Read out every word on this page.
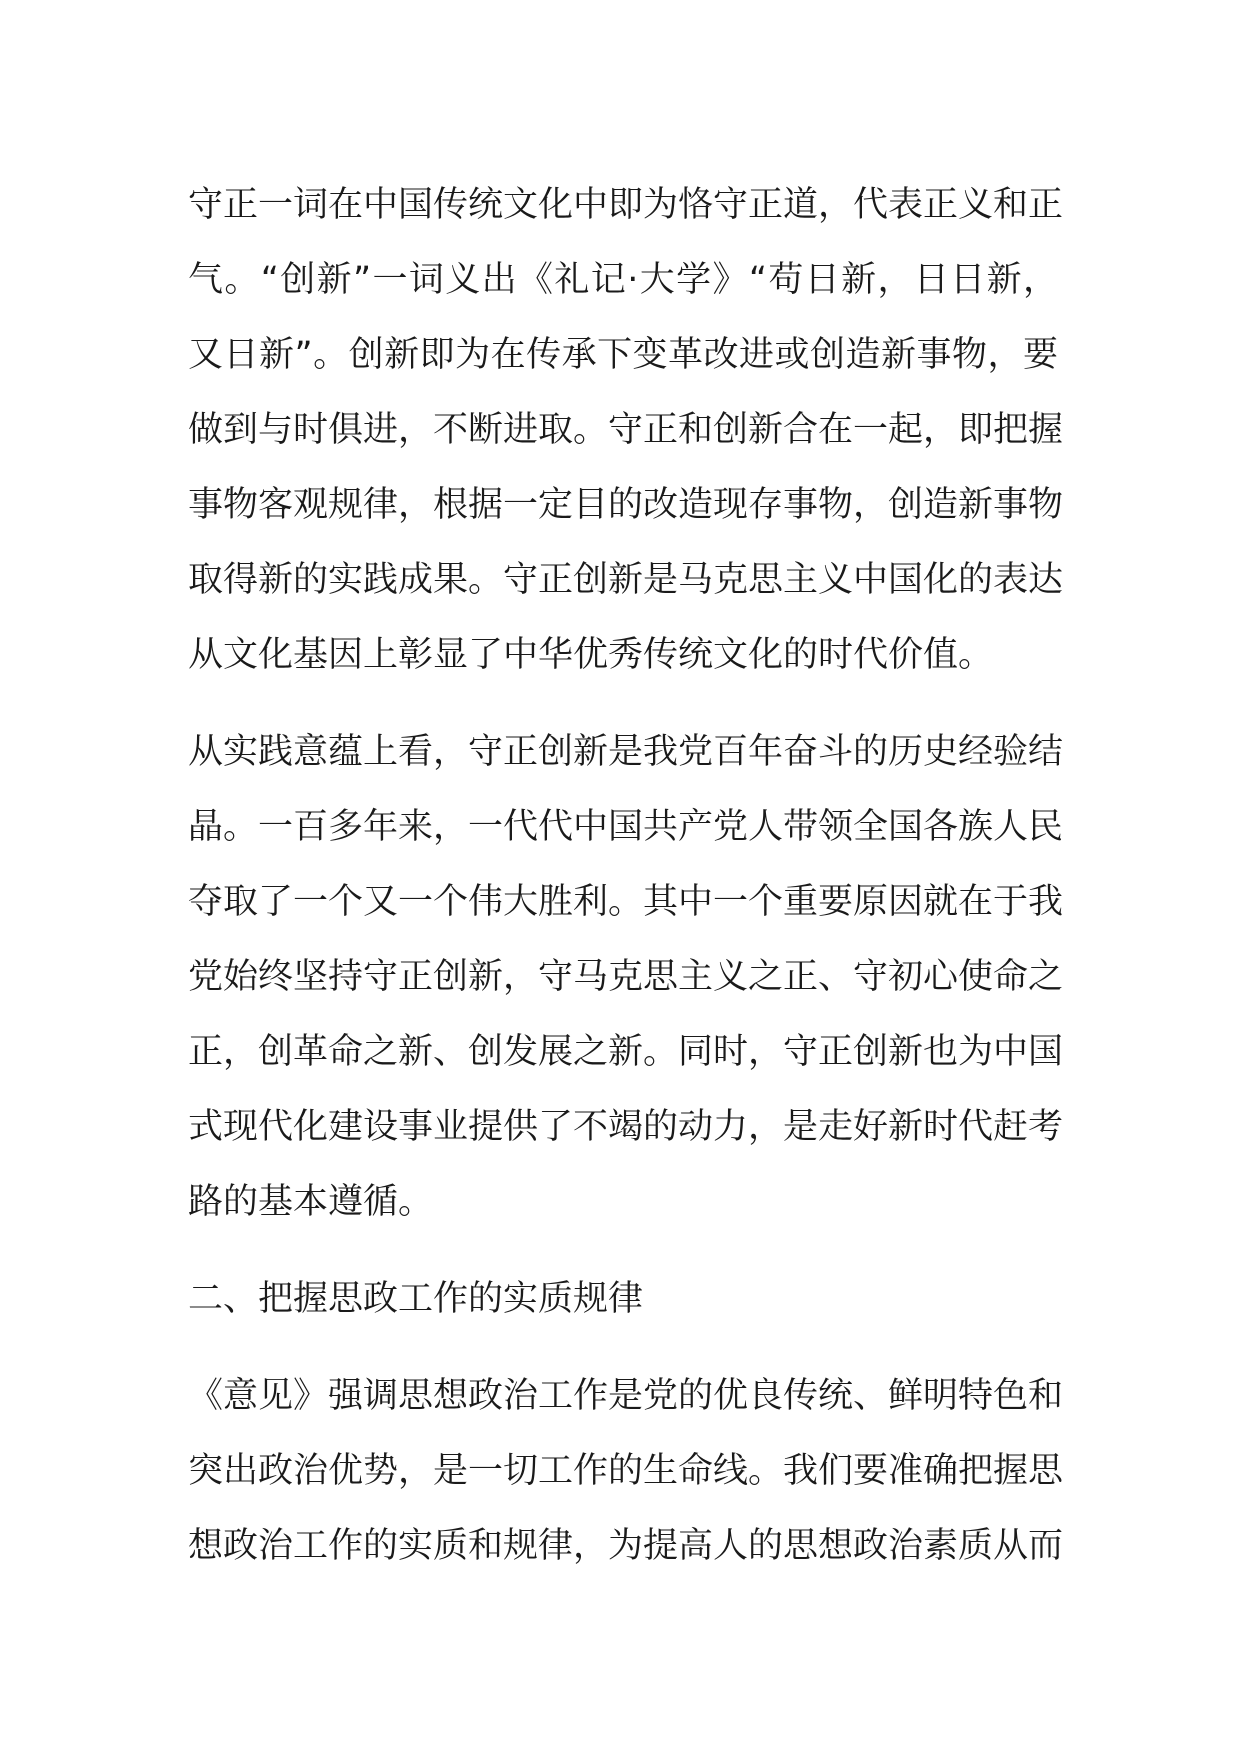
守正一词在中国传统文化中即为恪守正道，代表正义和正
气。“创新”一词义出《礼记·大学》“苟日新，日日新，
又日新”。创新即为在传承下变革改进或创造新事物，要
做到与时俱进，不断进取。守正和创新合在一起，即把握
事物客观规律，根据一定目的改造现存事物，创造新事物
取得新的实践成果。守正创新是马克思主义中国化的表达
从文化基因上彰显了中华优秀传统文化的时代价值。
从实践意蕴上看，守正创新是我党百年奋斗的历史经验结
晶。一百多年来，一代代中国共产党人带领全国各族人民
夺取了一个又一个伟大胜利。其中一个重要原因就在于我
党始终坚持守正创新，守马克思主义之正、守初心使命之
正，创革命之新、创发展之新。同时，守正创新也为中国
式现代化建设事业提供了不竭的动力，是走好新时代赶考
路的基本遵循。
二、把握思政工作的实质规律
《意见》强调思想政治工作是党的优良传统、鲜明特色和
突出政治优势，是一切工作的生命线。我们要准确把握思
想政治工作的实质和规律，为提高人的思想政治素质从而
